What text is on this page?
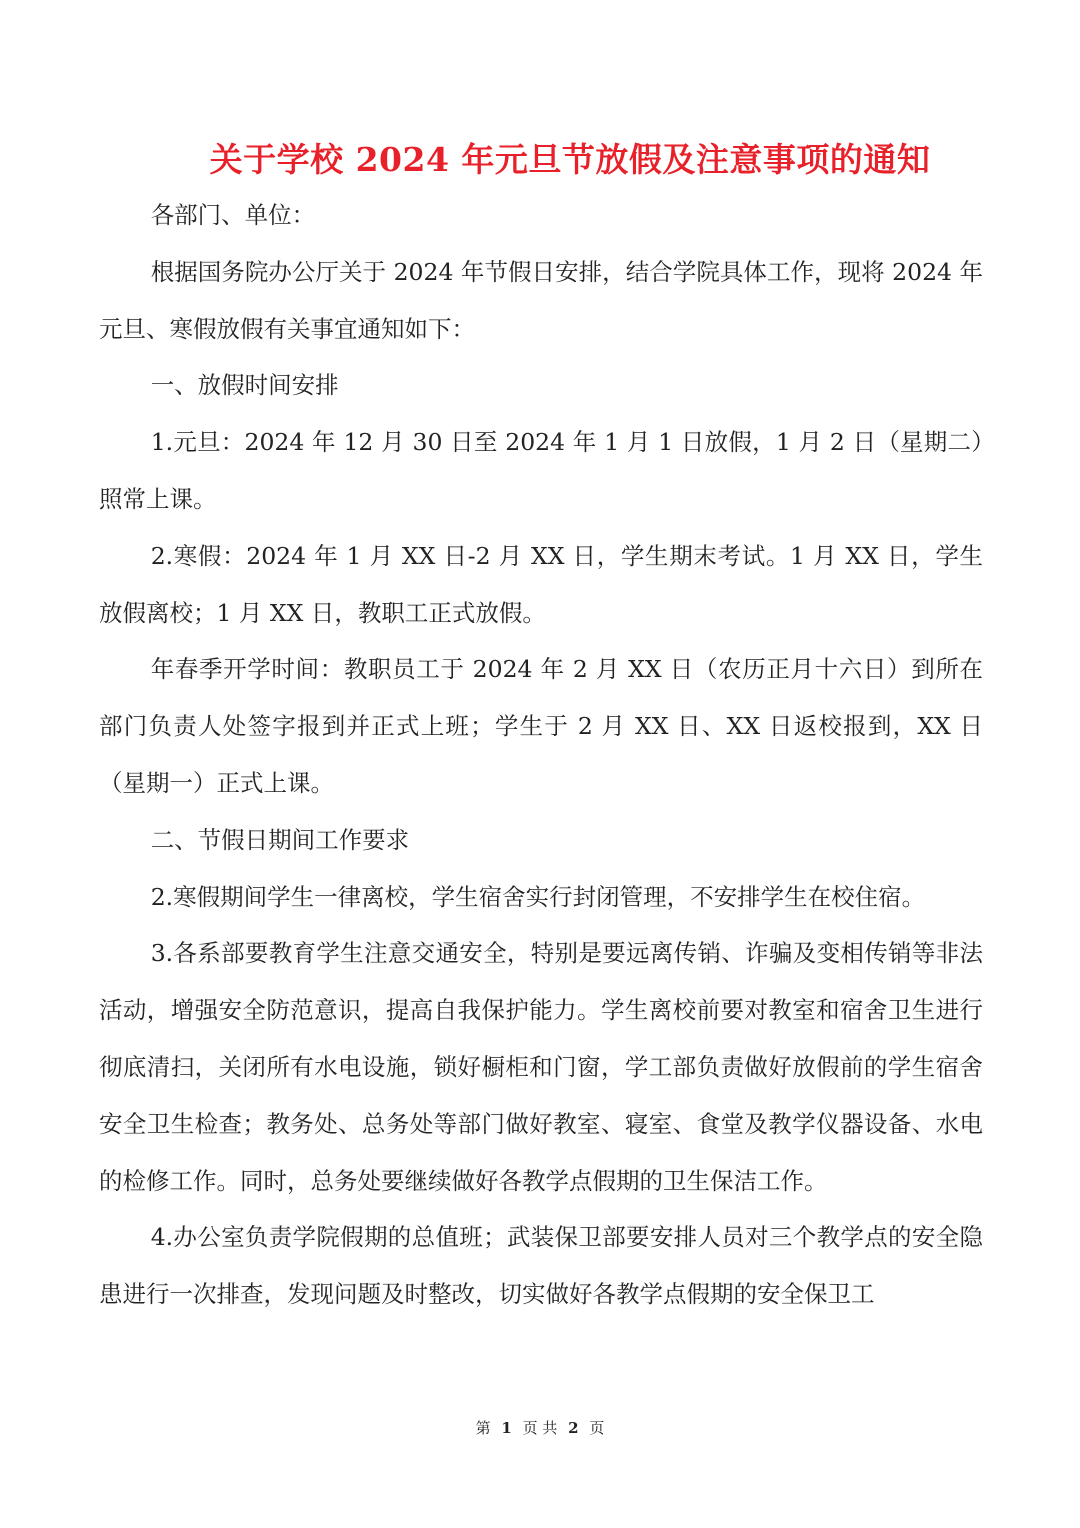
关于学校 2024 年元旦节放假及注意事项的通知

各部门、单位：

根据国务院办公厅关于 2024 年节假日安排，结合学院具体工作，现将 2024 年元旦、寒假放假有关事宜通知如下：

一、放假时间安排

1.元旦：2024 年 12 月 30 日至 2024 年 1 月 1 日放假，1 月 2 日（星期二）照常上课。

2.寒假：2024 年 1 月 XX 日-2 月 XX 日，学生期末考试。1 月 XX 日，学生放假离校；1 月 XX 日，教职工正式放假。

年春季开学时间：教职员工于 2024 年 2 月 XX 日（农历正月十六日）到所在部门负责人处签字报到并正式上班；学生于 2 月 XX 日、XX 日返校报到，XX 日（星期一）正式上课。

二、节假日期间工作要求

2.寒假期间学生一律离校，学生宿舍实行封闭管理，不安排学生在校住宿。

3.各系部要教育学生注意交通安全，特别是要远离传销、诈骗及变相传销等非法活动，增强安全防范意识，提高自我保护能力。学生离校前要对教室和宿舍卫生进行彻底清扫，关闭所有水电设施，锁好橱柜和门窗，学工部负责做好放假前的学生宿舍安全卫生检查；教务处、总务处等部门做好教室、寝室、食堂及教学仪器设备、水电的检修工作。同时，总务处要继续做好各教学点假期的卫生保洁工作。

4.办公室负责学院假期的总值班；武装保卫部要安排人员对三个教学点的安全隐患进行一次排查，发现问题及时整改，切实做好各教学点假期的安全保卫工

第 1 页 共 2 页
